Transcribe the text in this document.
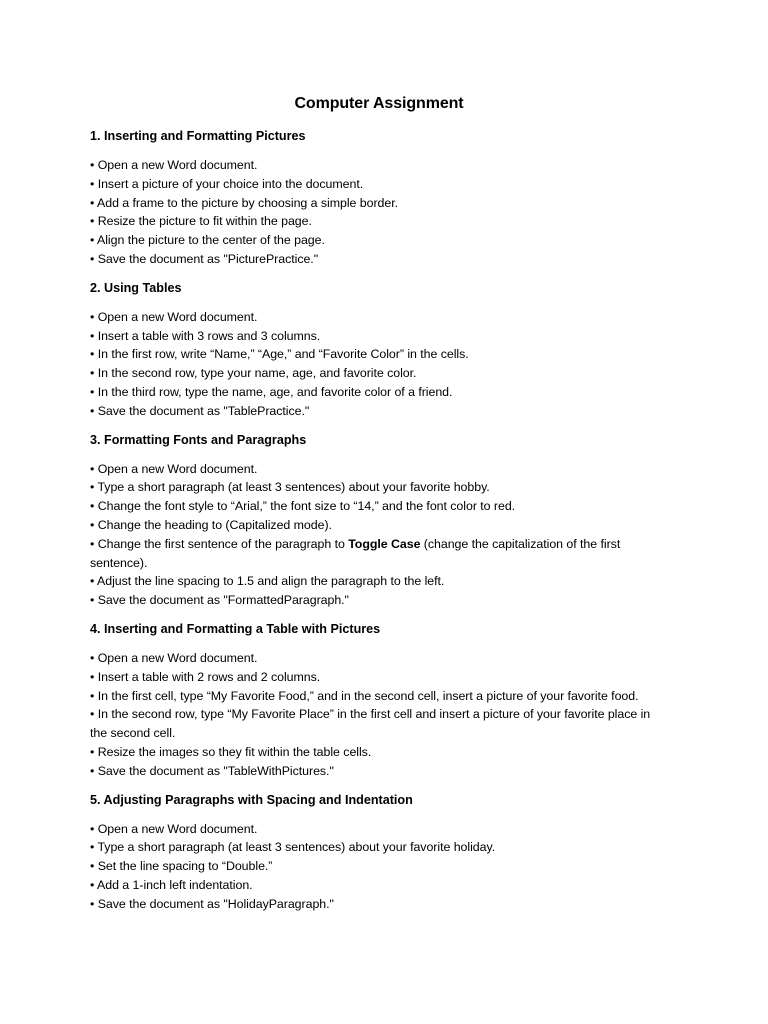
Computer Assignment
1. Inserting and Formatting Pictures
• Open a new Word document.
• Insert a picture of your choice into the document.
• Add a frame to the picture by choosing a simple border.
• Resize the picture to fit within the page.
• Align the picture to the center of the page.
• Save the document as "PicturePractice."
2. Using Tables
• Open a new Word document.
• Insert a table with 3 rows and 3 columns.
• In the first row, write “Name,” “Age,” and “Favorite Color” in the cells.
• In the second row, type your name, age, and favorite color.
• In the third row, type the name, age, and favorite color of a friend.
• Save the document as "TablePractice."
3. Formatting Fonts and Paragraphs
• Open a new Word document.
• Type a short paragraph (at least 3 sentences) about your favorite hobby.
• Change the font style to “Arial,” the font size to “14,” and the font color to red.
• Change the heading to (Capitalized mode).
• Change the first sentence of the paragraph to Toggle Case (change the capitalization of the first sentence).
• Adjust the line spacing to 1.5 and align the paragraph to the left.
• Save the document as "FormattedParagraph."
4. Inserting and Formatting a Table with Pictures
• Open a new Word document.
• Insert a table with 2 rows and 2 columns.
• In the first cell, type “My Favorite Food,” and in the second cell, insert a picture of your favorite food.
• In the second row, type “My Favorite Place” in the first cell and insert a picture of your favorite place in the second cell.
• Resize the images so they fit within the table cells.
• Save the document as "TableWithPictures."
5. Adjusting Paragraphs with Spacing and Indentation
• Open a new Word document.
• Type a short paragraph (at least 3 sentences) about your favorite holiday.
• Set the line spacing to “Double.”
• Add a 1-inch left indentation.
• Save the document as "HolidayParagraph."
